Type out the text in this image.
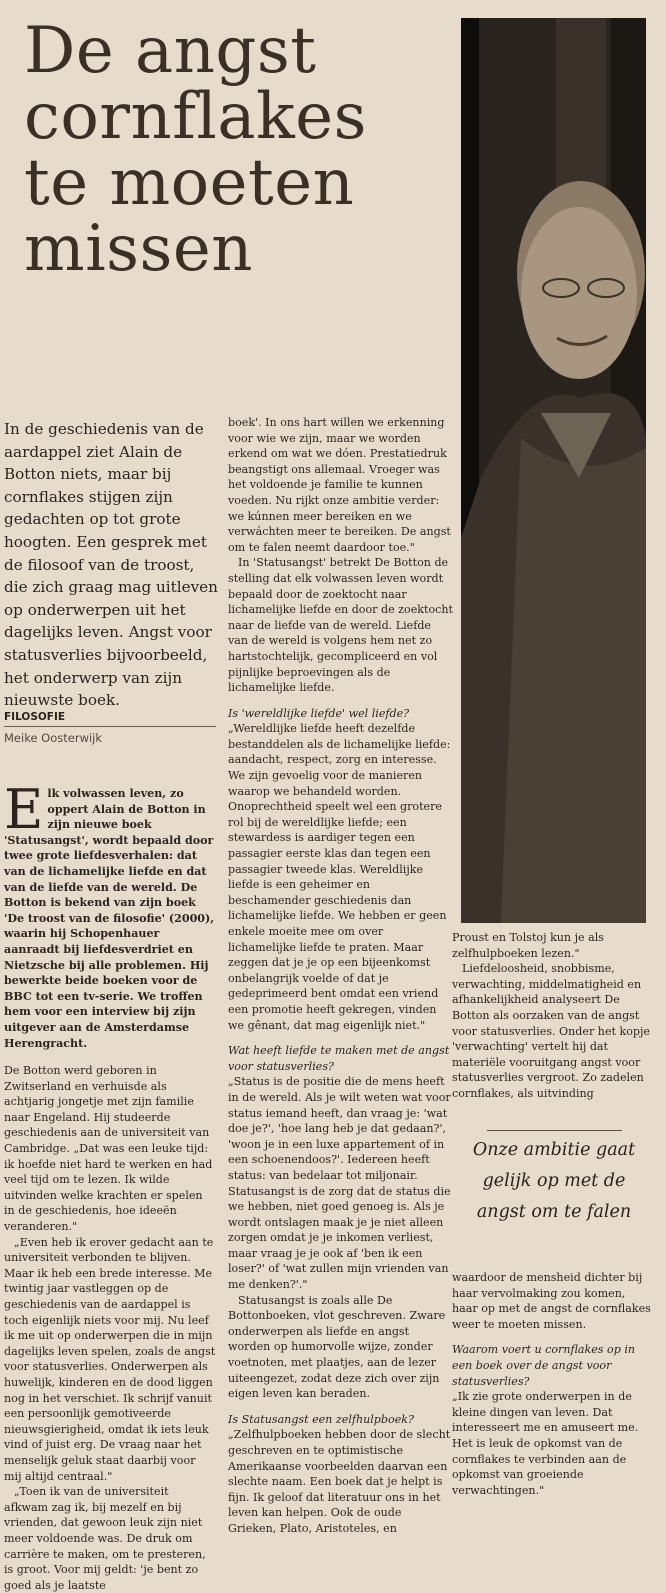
De angst
cornflakes
te moeten
missen
In de geschiedenis van de aardappel ziet Alain de Botton niets, maar bij cornflakes stijgen zijn gedachten op tot grote hoogten. Een gesprek met de filosoof van de troost, die zich graag mag uitleven op onderwerpen uit het dagelijks leven. Angst voor statusverlies bijvoorbeeld, het onderwerp van zijn nieuwste boek.
FILOSOFIE
Meike Oosterwijk

Elk volwassen leven, zo oppert Alain de Botton in zijn nieuwe boek 'Statusangst', wordt bepaald door twee grote liefdesverhalen: dat van de lichamelijke liefde en dat van de liefde van de wereld. De Botton is bekend van zijn boek 'De troost van de filosofie' (2000), waarin hij Schopenhauer aanraadt bij liefdesverdriet en Nietzsche bij alle problemen. Hij bewerkte beide boeken voor de BBC tot een tv-serie. We troffen hem voor een interview bij zijn uitgever aan de Amsterdamse Herengracht.

De Botton werd geboren in Zwitserland en verhuisde als achtjarig jongetje met zijn familie naar Engeland. Hij studeerde geschiedenis aan de universiteit van Cambridge. „Dat was een leuke tijd: ik hoefde niet hard te werken en had veel tijd om te lezen. Ik wilde uitvinden welke krachten er spelen in de geschiedenis, hoe ideeën veranderen."

„Even heb ik erover gedacht aan te universiteit verbonden te blijven. Maar ik heb een brede interesse. Me twintig jaar vastleggen op de geschiedenis van de aardappel is toch eigenlijk niets voor mij. Nu leef ik me uit op onderwerpen die in mijn dagelijks leven spelen, zoals de angst voor statusverlies. Onderwerpen als huwelijk, kinderen en de dood liggen nog in het verschiet. Ik schrijf vanuit een persoonlijk gemotiveerde nieuwsgierigheid, omdat ik iets leuk vind of juist erg. De vraag naar het menselijk geluk staat daarbij voor mij altijd centraal."

„Toen ik van de universiteit afkwam zag ik, bij mezelf en bij vrienden, dat gewoon leuk zijn niet meer voldoende was. De druk om carrière te maken, om te presteren, is groot. Voor mij geldt: 'je bent zo goed als je laatste

boek'. In ons hart willen we erkenning voor wie we zijn, maar we worden erkend om wat we dóen. Prestatiedruk beangstigt ons allemaal. Vroeger was het voldoende je familie te kunnen voeden. Nu rijkt onze ambitie verder: we kúnnen meer bereiken en we verwáchten meer te bereiken. De angst om te falen neemt daardoor toe."

In 'Statusangst' betrekt De Botton de stelling dat elk volwassen leven wordt bepaald door de zoektocht naar lichamelijke liefde en door de zoektocht naar de liefde van de wereld. Liefde van de wereld is volgens hem net zo hartstochtelijk, gecompliceerd en vol pijnlijke beproevingen als de lichamelijke liefde.

Is 'wereldlijke liefde' wel liefde?

„Wereldlijke liefde heeft dezelfde bestanddelen als de lichamelijke liefde: aandacht, respect, zorg en interesse. We zijn gevoelig voor de manieren waarop we behandeld worden. Onoprechtheid speelt wel een grotere rol bij de wereldlijke liefde; een stewardess is aardiger tegen een passagier eerste klas dan tegen een passagier tweede klas. Wereldlijke liefde is een geheimer en beschamender geschiedenis dan lichamelijke liefde. We hebben er geen enkele moeite mee om over lichamelijke liefde te praten. Maar zeggen dat je je op een bijeenkomst onbelangrijk voelde of dat je gedeprimeerd bent omdat een vriend een promotie heeft gekregen, vinden we gênant, dat mag eigenlijk niet."

Wat heeft liefde te maken met de angst voor statusverlies?

„Status is de positie die de mens heeft in de wereld. Als je wilt weten wat voor status iemand heeft, dan vraag je: 'wat doe je?', 'hoe lang heb je dat gedaan?', 'woon je in een luxe appartement of in een schoenendoos?'. Iedereen heeft status: van bedelaar tot miljonair. Statusangst is de zorg dat de status die we hebben, niet goed genoeg is. Als je wordt ontslagen maak je je niet alleen zorgen omdat je je inkomen verliest, maar vraag je je ook af 'ben ik een loser?' of 'wat zullen mijn vrienden van me denken?'."

Statusangst is zoals alle De Bottonboeken, vlot geschreven. Zware onderwerpen als liefde en angst worden op humorvolle wijze, zonder voetnoten, met plaatjes, aan de lezer uiteengezet, zodat deze zich over zijn eigen leven kan beraden.

Is Statusangst een zelfhulpboek?

„Zelfhulpboeken hebben door de slecht geschreven en te optimistische Amerikaanse voorbeelden daarvan een slechte naam. Een boek dat je helpt is fijn. Ik geloof dat literatuur ons in het leven kan helpen. Ook de oude Grieken, Plato, Aristoteles, en

Proust en Tolstoj kun je als zelfhulpboeken lezen."

Liefdeloosheid, snobbisme, verwachting, middelmatigheid en afhankelijkheid analyseert De Botton als oorzaken van de angst voor statusverlies. Onder het kopje 'verwachting' vertelt hij dat materiële vooruitgang angst voor statusverlies vergroot. Zo zadelen cornflakes, als uitvinding

Onze ambitie gaat gelijk op met de angst om te falen

waardoor de mensheid dichter bij haar vervolmaking zou komen, haar op met de angst de cornflakes weer te moeten missen.

Waarom voert u cornflakes op in een boek over de angst voor statusverlies?

„Ik zie grote onderwerpen in de kleine dingen van leven. Dat interesseert me en amuseert me. Het is leuk de opkomst van de cornflakes te verbinden aan de opkomst van groeiende verwachtingen."
